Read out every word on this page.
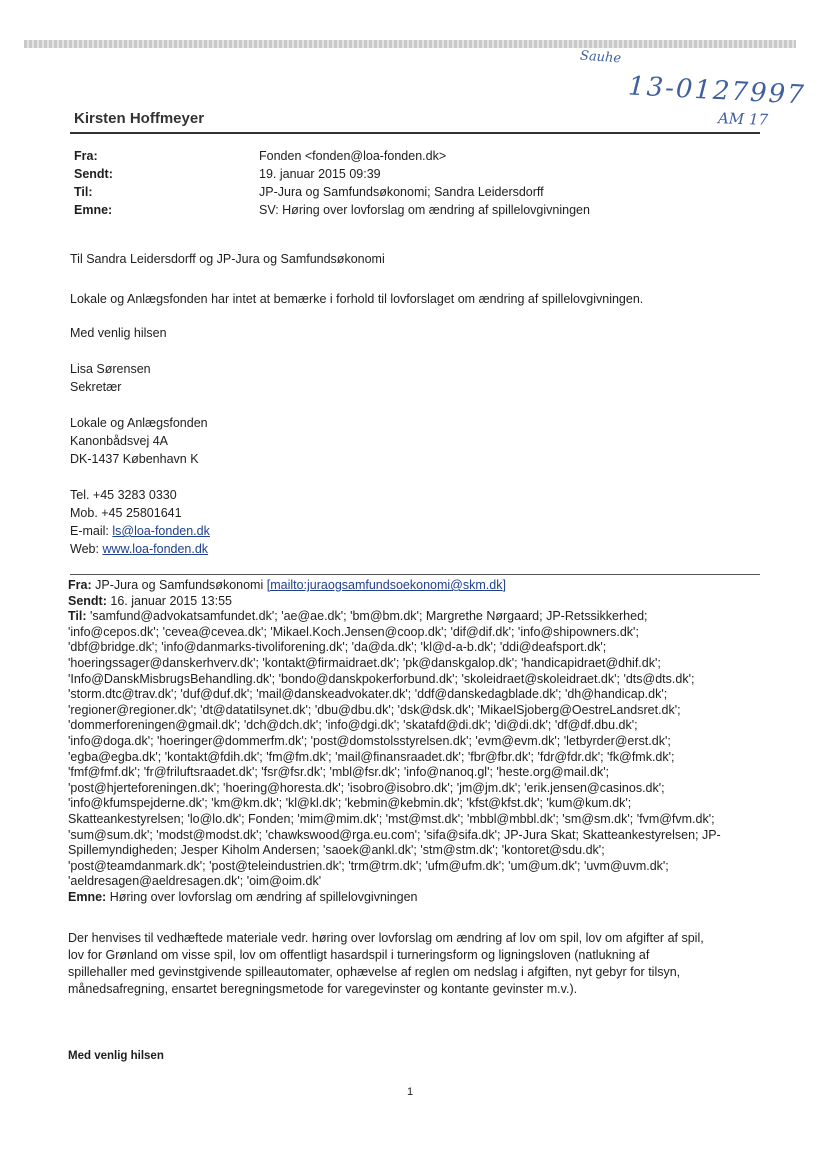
Sauhe
13-0127997
AM 17
Kirsten Hoffmeyer
Fra:	Fonden <fonden@loa-fonden.dk>
Sendt:	19. januar 2015 09:39
Til:	JP-Jura og Samfundsøkonomi; Sandra Leidersdorff
Emne:	SV: Høring over lovforslag om ændring af spillelovgivningen
Til Sandra Leidersdorff og JP-Jura og Samfundsøkonomi
Lokale og Anlægsfonden har intet at bemærke i forhold til lovforslaget om ændring af spillelovgivningen.
Med venlig hilsen
Lisa Sørensen
Sekretær
Lokale og Anlægsfonden
Kanonbådsvej 4A
DK-1437 København K
Tel. +45 3283 0330
Mob. +45 25801641
E-mail: ls@loa-fonden.dk
Web: www.loa-fonden.dk
Fra: JP-Jura og Samfundsøkonomi [mailto:juraogsamfundsoekonomi@skm.dk]
Sendt: 16. januar 2015 13:55
Til: 'samfund@advokatsamfundet.dk'; 'ae@ae.dk'; 'bm@bm.dk'; Margrethe Nørgaard; JP-Retssikkerhed;
'info@cepos.dk'; 'cevea@cevea.dk'; 'Mikael.Koch.Jensen@coop.dk'; 'dif@dif.dk'; 'info@shipowners.dk';
'dbf@bridge.dk'; 'info@danmarks-tivoliforening.dk'; 'da@da.dk'; 'kl@d-a-b.dk'; 'ddi@deafsport.dk';
'hoeringssager@danskerhverv.dk'; 'kontakt@firmaidraet.dk'; 'pk@danskgalop.dk'; 'handicapidraet@dhif.dk';
'Info@DanskMisbrugsBehandling.dk'; 'bondo@danskpokerforbund.dk'; 'skoleidraet@skoleidraet.dk'; 'dts@dts.dk';
'storm.dtc@trav.dk'; 'duf@duf.dk'; 'mail@danskeadvokater.dk'; 'ddf@danskedagblade.dk'; 'dh@handicap.dk';
'regioner@regioner.dk'; 'dt@datatilsynet.dk'; 'dbu@dbu.dk'; 'dsk@dsk.dk'; 'MikaelSjoberg@OestreLandsret.dk';
'dommerforeningen@gmail.dk'; 'dch@dch.dk'; 'info@dgi.dk'; 'skatafd@di.dk'; 'di@di.dk'; 'df@df.dbu.dk';
'info@doga.dk'; 'hoeringer@dommerfm.dk'; 'post@domstolsstyrelsen.dk'; 'evm@evm.dk'; 'letbyrder@erst.dk';
'egba@egba.dk'; 'kontakt@fdih.dk'; 'fm@fm.dk'; 'mail@finansraadet.dk'; 'fbr@fbr.dk'; 'fdr@fdr.dk'; 'fk@fmk.dk';
'fmf@fmf.dk'; 'fr@friluftsraadet.dk'; 'fsr@fsr.dk'; 'mbl@fsr.dk'; 'info@nanoq.gl'; 'heste.org@mail.dk';
'post@hjerteforeningen.dk'; 'hoering@horesta.dk'; 'isobro@isobro.dk'; 'jm@jm.dk'; 'erik.jensen@casinos.dk';
'info@kfumspejderne.dk'; 'km@km.dk'; 'kl@kl.dk'; 'kebmin@kebmin.dk'; 'kfst@kfst.dk'; 'kum@kum.dk';
Skatteankestyrelsen; 'lo@lo.dk'; Fonden; 'mim@mim.dk'; 'mst@mst.dk'; 'mbbl@mbbl.dk'; 'sm@sm.dk'; 'fvm@fvm.dk';
'sum@sum.dk'; 'modst@modst.dk'; 'chawkswood@rga.eu.com'; 'sifa@sifa.dk'; JP-Jura Skat; Skatteankestyrelsen; JP-
Spillemyndigheden; Jesper Kiholm Andersen; 'saoek@ankl.dk'; 'stm@stm.dk'; 'kontoret@sdu.dk';
'post@teamdanmark.dk'; 'post@teleindustrien.dk'; 'trm@trm.dk'; 'ufm@ufm.dk'; 'um@um.dk'; 'uvm@uvm.dk';
'aeldresagen@aeldresagen.dk'; 'oim@oim.dk'
Emne: Høring over lovforslag om ændring af spillelovgivningen
Der henvises til vedhæftede materiale vedr. høring over lovforslag om ændring af lov om spil, lov om afgifter af spil,
lov for Grønland om visse spil, lov om offentligt hasardspil i turneringsform og ligningsloven (natlukning af
spillehaller med gevinstgivende spilleautomater, ophævelse af reglen om nedslag i afgiften, nyt gebyr for tilsyn,
månedsafregning, ensartet beregningsmetode for varegevinster og kontante gevinster m.v.).
Med venlig hilsen
1
